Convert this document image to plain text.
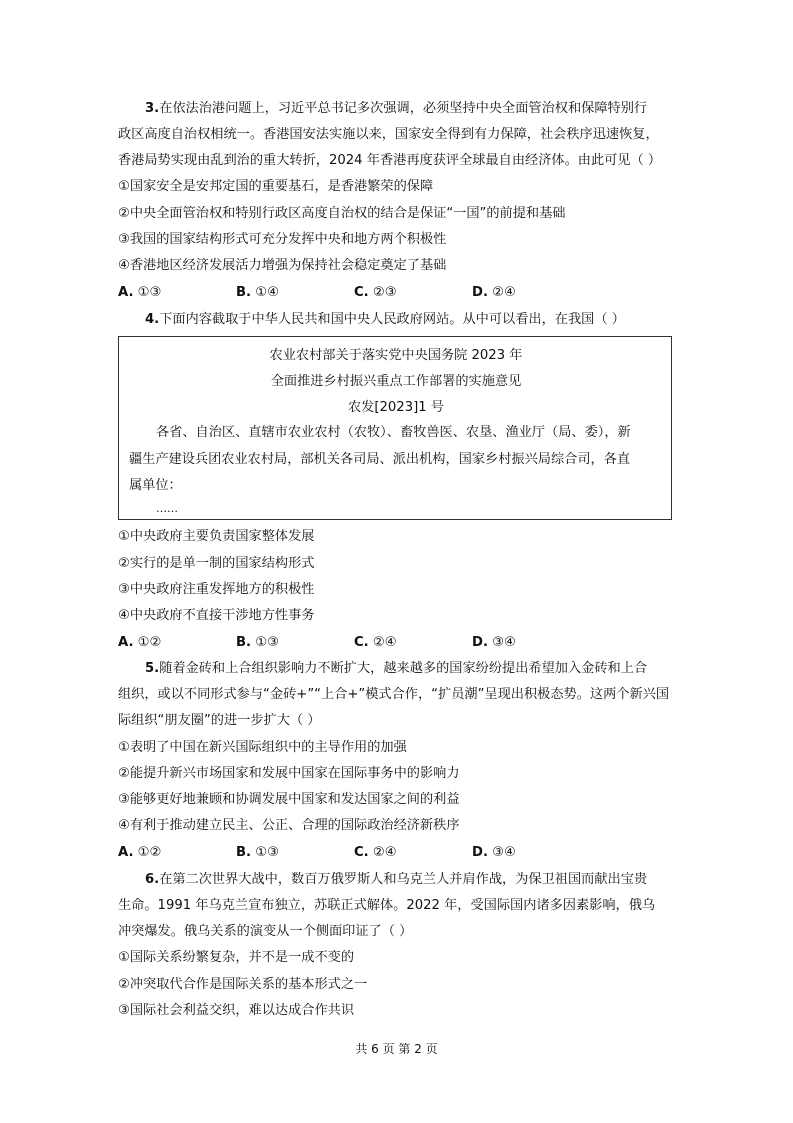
3.在依法治港问题上，习近平总书记多次强调，必须坚持中央全面管治权和保障特别行
政区高度自治权相统一。香港国安法实施以来，国家安全得到有力保障，社会秩序迅速恢复，
香港局势实现由乱到治的重大转折，2024 年香港再度获评全球最自由经济体。由此可见（ ）
①国家安全是安邦定国的重要基石，是香港繁荣的保障
②中央全面管治权和特别行政区高度自治权的结合是保证“一国”的前提和基础
③我国的国家结构形式可充分发挥中央和地方两个积极性
④香港地区经济发展活力增强为保持社会稳定奠定了基础
A. ①③	B. ①④	C. ②③	D. ②④
4.下面内容截取于中华人民共和国中央人民政府网站。从中可以看出，在我国（ ）
农业农村部关于落实党中央国务院 2023 年
全面推进乡村振兴重点工作部署的实施意见
农发[2023]1 号
各省、自治区、直辖市农业农村（农牧）、畜牧兽医、农垦、渔业厅（局、委），新
疆生产建设兵团农业农村局，部机关各司局、派出机构，国家乡村振兴局综合司，各直
属单位：
……
①中央政府主要负责国家整体发展
②实行的是单一制的国家结构形式
③中央政府注重发挥地方的积极性
④中央政府不直接干涉地方性事务
A. ①②	B. ①③	C. ②④	D. ③④
5.随着金砖和上合组织影响力不断扩大，越来越多的国家纷纷提出希望加入金砖和上合
组织，或以不同形式参与“金砖+”“上合+”模式合作，“扩员潮”呈现出积极态势。这两个新兴国
际组织“朋友圈”的进一步扩大（ ）
①表明了中国在新兴国际组织中的主导作用的加强
②能提升新兴市场国家和发展中国家在国际事务中的影响力
③能够更好地兼顾和协调发展中国家和发达国家之间的利益
④有利于推动建立民主、公正、合理的国际政治经济新秩序
A. ①②	B. ①③	C. ②④	D. ③④
6.在第二次世界大战中，数百万俄罗斯人和乌克兰人并肩作战，为保卫祖国而献出宝贵
生命。1991 年乌克兰宣布独立，苏联正式解体。2022 年，受国际国内诸多因素影响，俄乌
冲突爆发。俄乌关系的演变从一个侧面印证了（ ）
①国际关系纷繁复杂，并不是一成不变的
②冲突取代合作是国际关系的基本形式之一
③国际社会利益交织，难以达成合作共识
共 6 页 第 2 页
